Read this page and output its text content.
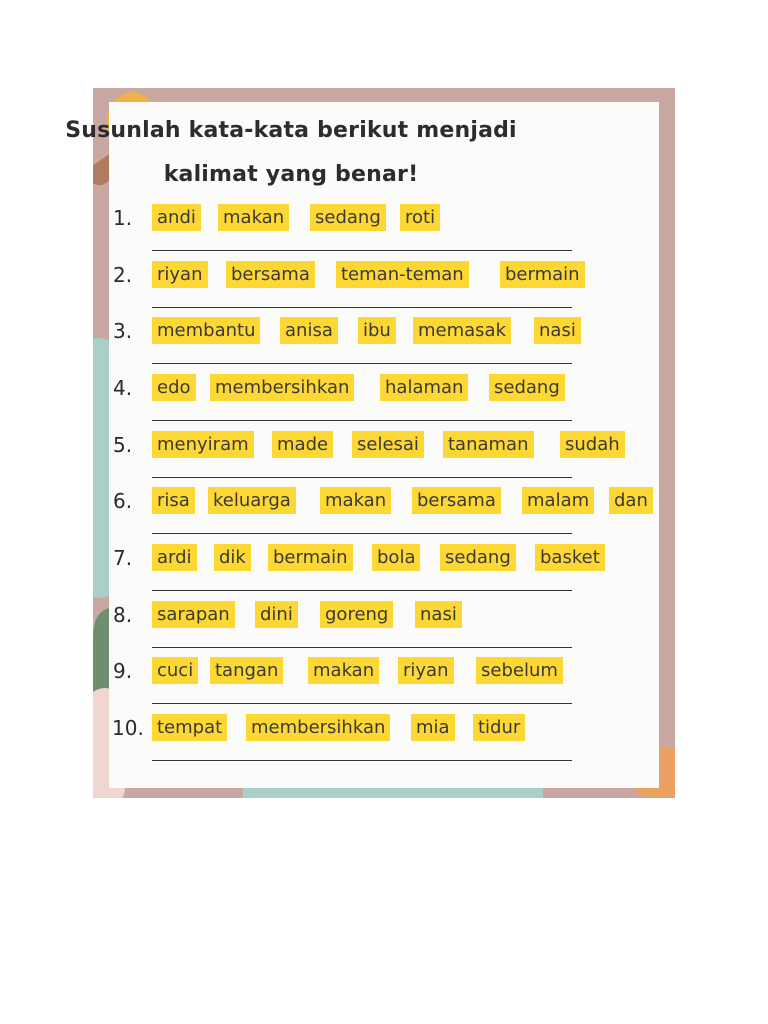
Susunlah kata-kata berikut menjadi
kalimat yang benar!
1. andi makan sedang roti
2. riyan bersama teman-teman bermain
3. membantu anisa ibu memasak nasi
4. edo membersihkan halaman sedang
5. menyiram made selesai tanaman sudah
6. risa keluarga makan bersama malam dan
7. ardi dik bermain bola sedang basket
8. sarapan dini goreng nasi
9. cuci tangan makan riyan sebelum
10. tempat membersihkan mia tidur
